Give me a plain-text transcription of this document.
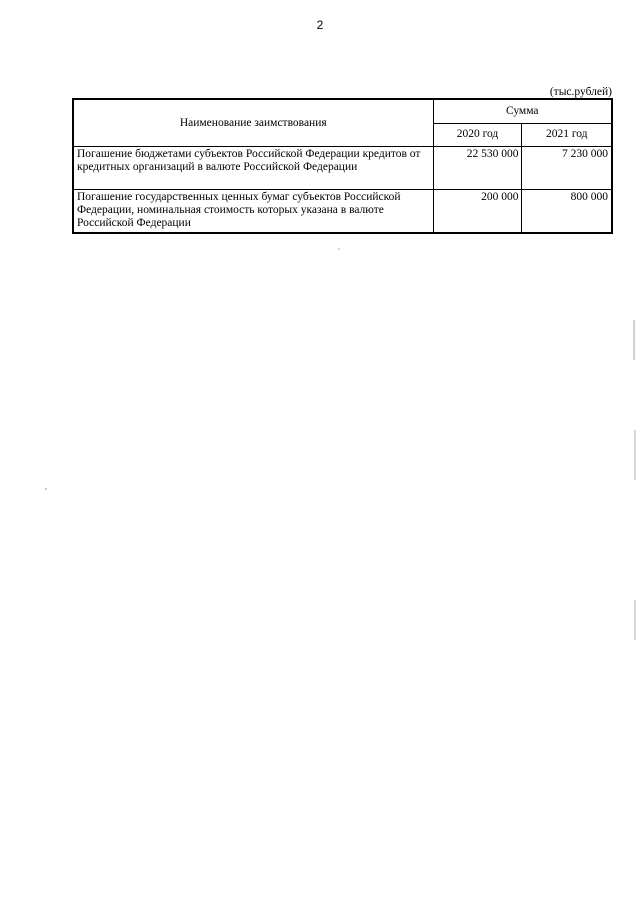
2
(тыс.рублей)
Наименование заимствования	Сумма	
	2020 год	2021 год
Погашение бюджетами субъектов Российской Федерации кредитов от кредитных организаций в валюте Российской Федерации	22 530 000	7 230 000
Погашение государственных ценных бумаг субъектов Российской Федерации, номинальная стоимость которых указана в валюте Российской Федерации	200 000	800 000
